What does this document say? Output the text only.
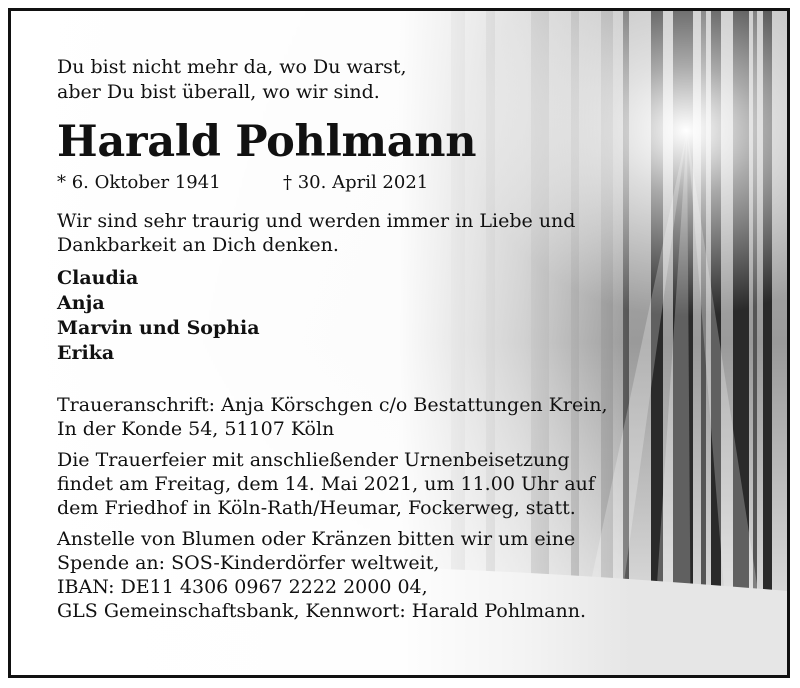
Du bist nicht mehr da, wo Du warst,
aber Du bist überall, wo wir sind.

Harald Pohlmann

* 6. Oktober 1941	† 30. April 2021

Wir sind sehr traurig und werden immer in Liebe und
Dankbarkeit an Dich denken.

Claudia
Anja
Marvin und Sophia
Erika

Traueranschrift: Anja Körschgen c/o Bestattungen Krein,
In der Konde 54, 51107 Köln

Die Trauerfeier mit anschließender Urnenbeisetzung
findet am Freitag, dem 14. Mai 2021, um 11.00 Uhr auf
dem Friedhof in Köln-Rath/Heumar, Fockerweg, statt.

Anstelle von Blumen oder Kränzen bitten wir um eine
Spende an: SOS-Kinderdörfer weltweit,
IBAN: DE11 4306 0967 2222 2000 04,
GLS Gemeinschaftsbank, Kennwort: Harald Pohlmann.
